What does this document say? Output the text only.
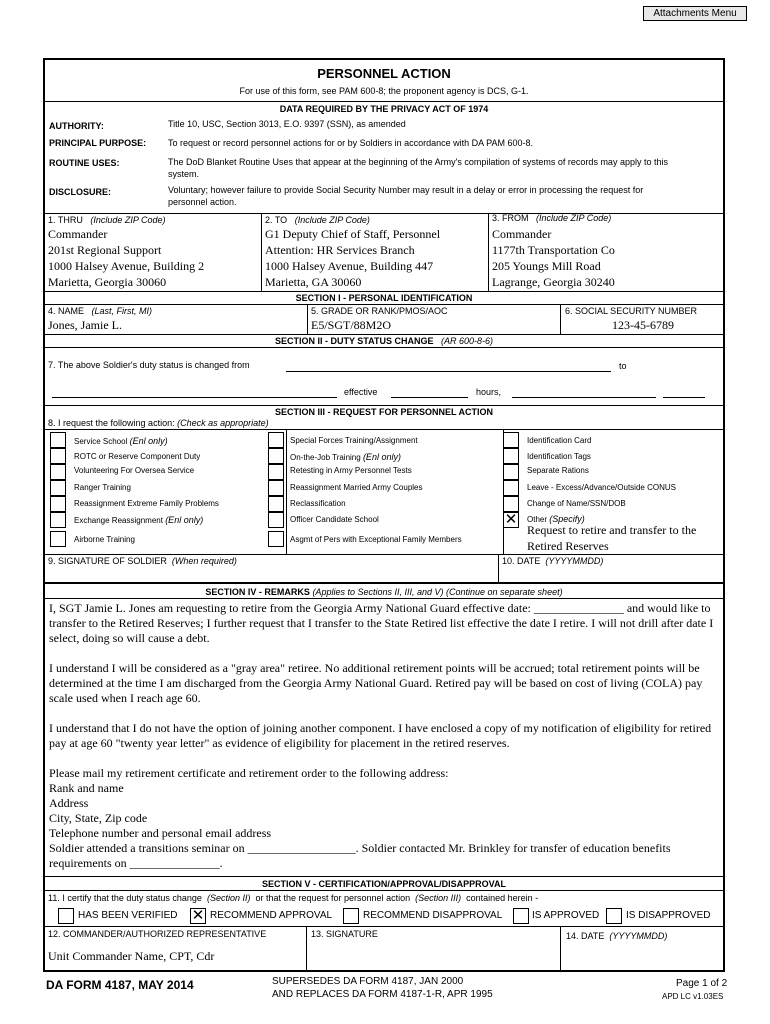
Attachments Menu
PERSONNEL ACTION
For use of this form, see PAM 600-8; the proponent agency is DCS, G-1.
DATA REQUIRED BY THE PRIVACY ACT OF 1974
AUTHORITY:	Title 10, USC, Section 3013, E.O. 9397 (SSN), as amended
PRINCIPAL PURPOSE: To request or record personnel actions for or by Soldiers in accordance with DA PAM 600-8.
ROUTINE USES:	The DoD Blanket Routine Uses that appear at the beginning of the Army's compilation of systems of records may apply to this system.
DISCLOSURE:	Voluntary; however failure to provide Social Security Number may result in a delay or error in processing the request for personnel action.
1. THRU (Include ZIP Code)
Commander
201st Regional Support
1000 Halsey Avenue, Building 2
Marietta, Georgia 30060
2. TO (Include ZIP Code)
G1 Deputy Chief of Staff, Personnel
Attention: HR Services Branch
1000 Halsey Avenue, Building 447
Marietta, GA 30060
3. FROM (Include ZIP Code)
Commander
1177th Transportation Co
205 Youngs Mill Road
Lagrange, Georgia 30240
SECTION I - PERSONAL IDENTIFICATION
4. NAME (Last, First, MI)
Jones, Jamie L.
5. GRADE OR RANK/PMOS/AOC
E5/SGT/88M2O
6. SOCIAL SECURITY NUMBER
123-45-6789
SECTION II - DUTY STATUS CHANGE (AR 600-8-6)
7. The above Soldier's duty status is changed from	to
effective	hours,
SECTION III - REQUEST FOR PERSONNEL ACTION
8. I request the following action: (Check as appropriate)
Service School (Enl only)
ROTC or Reserve Component Duty
Volunteering For Oversea Service
Ranger Training
Reassignment Extreme Family Problems
Exchange Reassignment (Enl only)
Airborne Training
Special Forces Training/Assignment
On-the-Job Training (Enl only)
Retesting in Army Personnel Tests
Reassignment Married Army Couples
Reclassification
Officer Candidate School
Asgmt of Pers with Exceptional Family Members
Identification Card
Identification Tags
Separate Rations
Leave - Excess/Advance/Outside CONUS
Change of Name/SSN/DOB
✕ Other (Specify)
Request to retire and transfer to the
Retired Reserves
9. SIGNATURE OF SOLDIER (When required)	10. DATE (YYYYMMDD)
SECTION IV - REMARKS (Applies to Sections II, III, and V) (Continue on separate sheet)

I, SGT Jamie L. Jones am requesting to retire from the Georgia Army National Guard effective date: _______________ and would like to transfer to the Retired Reserves; I further request that I transfer to the State Retired list effective the date I retire. I will not drill after date I select, doing so will cause a debt.

I understand I will be considered as a "gray area" retiree. No additional retirement points will be accrued; total retirement points will be determined at the time I am discharged from the Georgia Army National Guard. Retired pay will be based on cost of living (COLA) pay scale used when I reach age 60.

I understand that I do not have the option of joining another component. I have enclosed a copy of my notification of eligibility for retired pay at age 60 "twenty year letter" as evidence of eligibility for placement in the retired reserves.

Please mail my retirement certificate and retirement order to the following address:
Rank and name
Address
City, State, Zip code
Telephone number and personal email address
Soldier attended a transitions seminar on __________________. Soldier contacted Mr. Brinkley for transfer of education benefits
requirements on _______________.
SECTION V - CERTIFICATION/APPROVAL/DISAPPROVAL
11. I certify that the duty status change (Section II) or that the request for personnel action (Section III) contained herein -
HAS BEEN VERIFIED ✕ RECOMMEND APPROVAL	RECOMMEND DISAPPROVAL	IS APPROVED	IS DISAPPROVED
12. COMMANDER/AUTHORIZED REPRESENTATIVE
Unit Commander Name, CPT, Cdr
13. SIGNATURE	14. DATE (YYYYMMDD)
DA FORM 4187, MAY 2014	SUPERSEDES DA FORM 4187, JAN 2000
AND REPLACES DA FORM 4187-1-R, APR 1995
Page 1 of 2
APD LC v1.03ES
